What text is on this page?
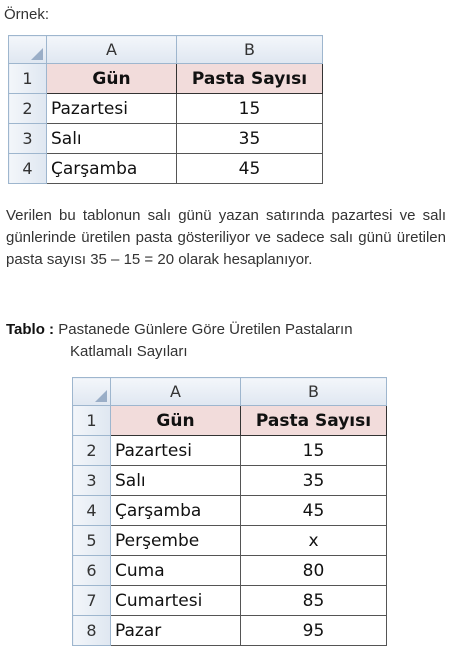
Örnek:
	A	B
1	Gün	Pasta Sayısı
2	Pazartesi	15
3	Salı	35
4	Çarşamba	45
Verilen bu tablonun salı günü yazan satırında pazartesi ve salı günlerinde üretilen pasta gösteriliyor ve sadece salı günü üretilen pasta sayısı 35 – 15 = 20 olarak hesaplanıyor.
Tablo : Pastanede Günlere Göre Üretilen Pastaların
Katlamalı Sayıları
	A	B
1	Gün	Pasta Sayısı
2	Pazartesi	15
3	Salı	35
4	Çarşamba	45
5	Perşembe	x
6	Cuma	80
7	Cumartesi	85
8	Pazar	95
